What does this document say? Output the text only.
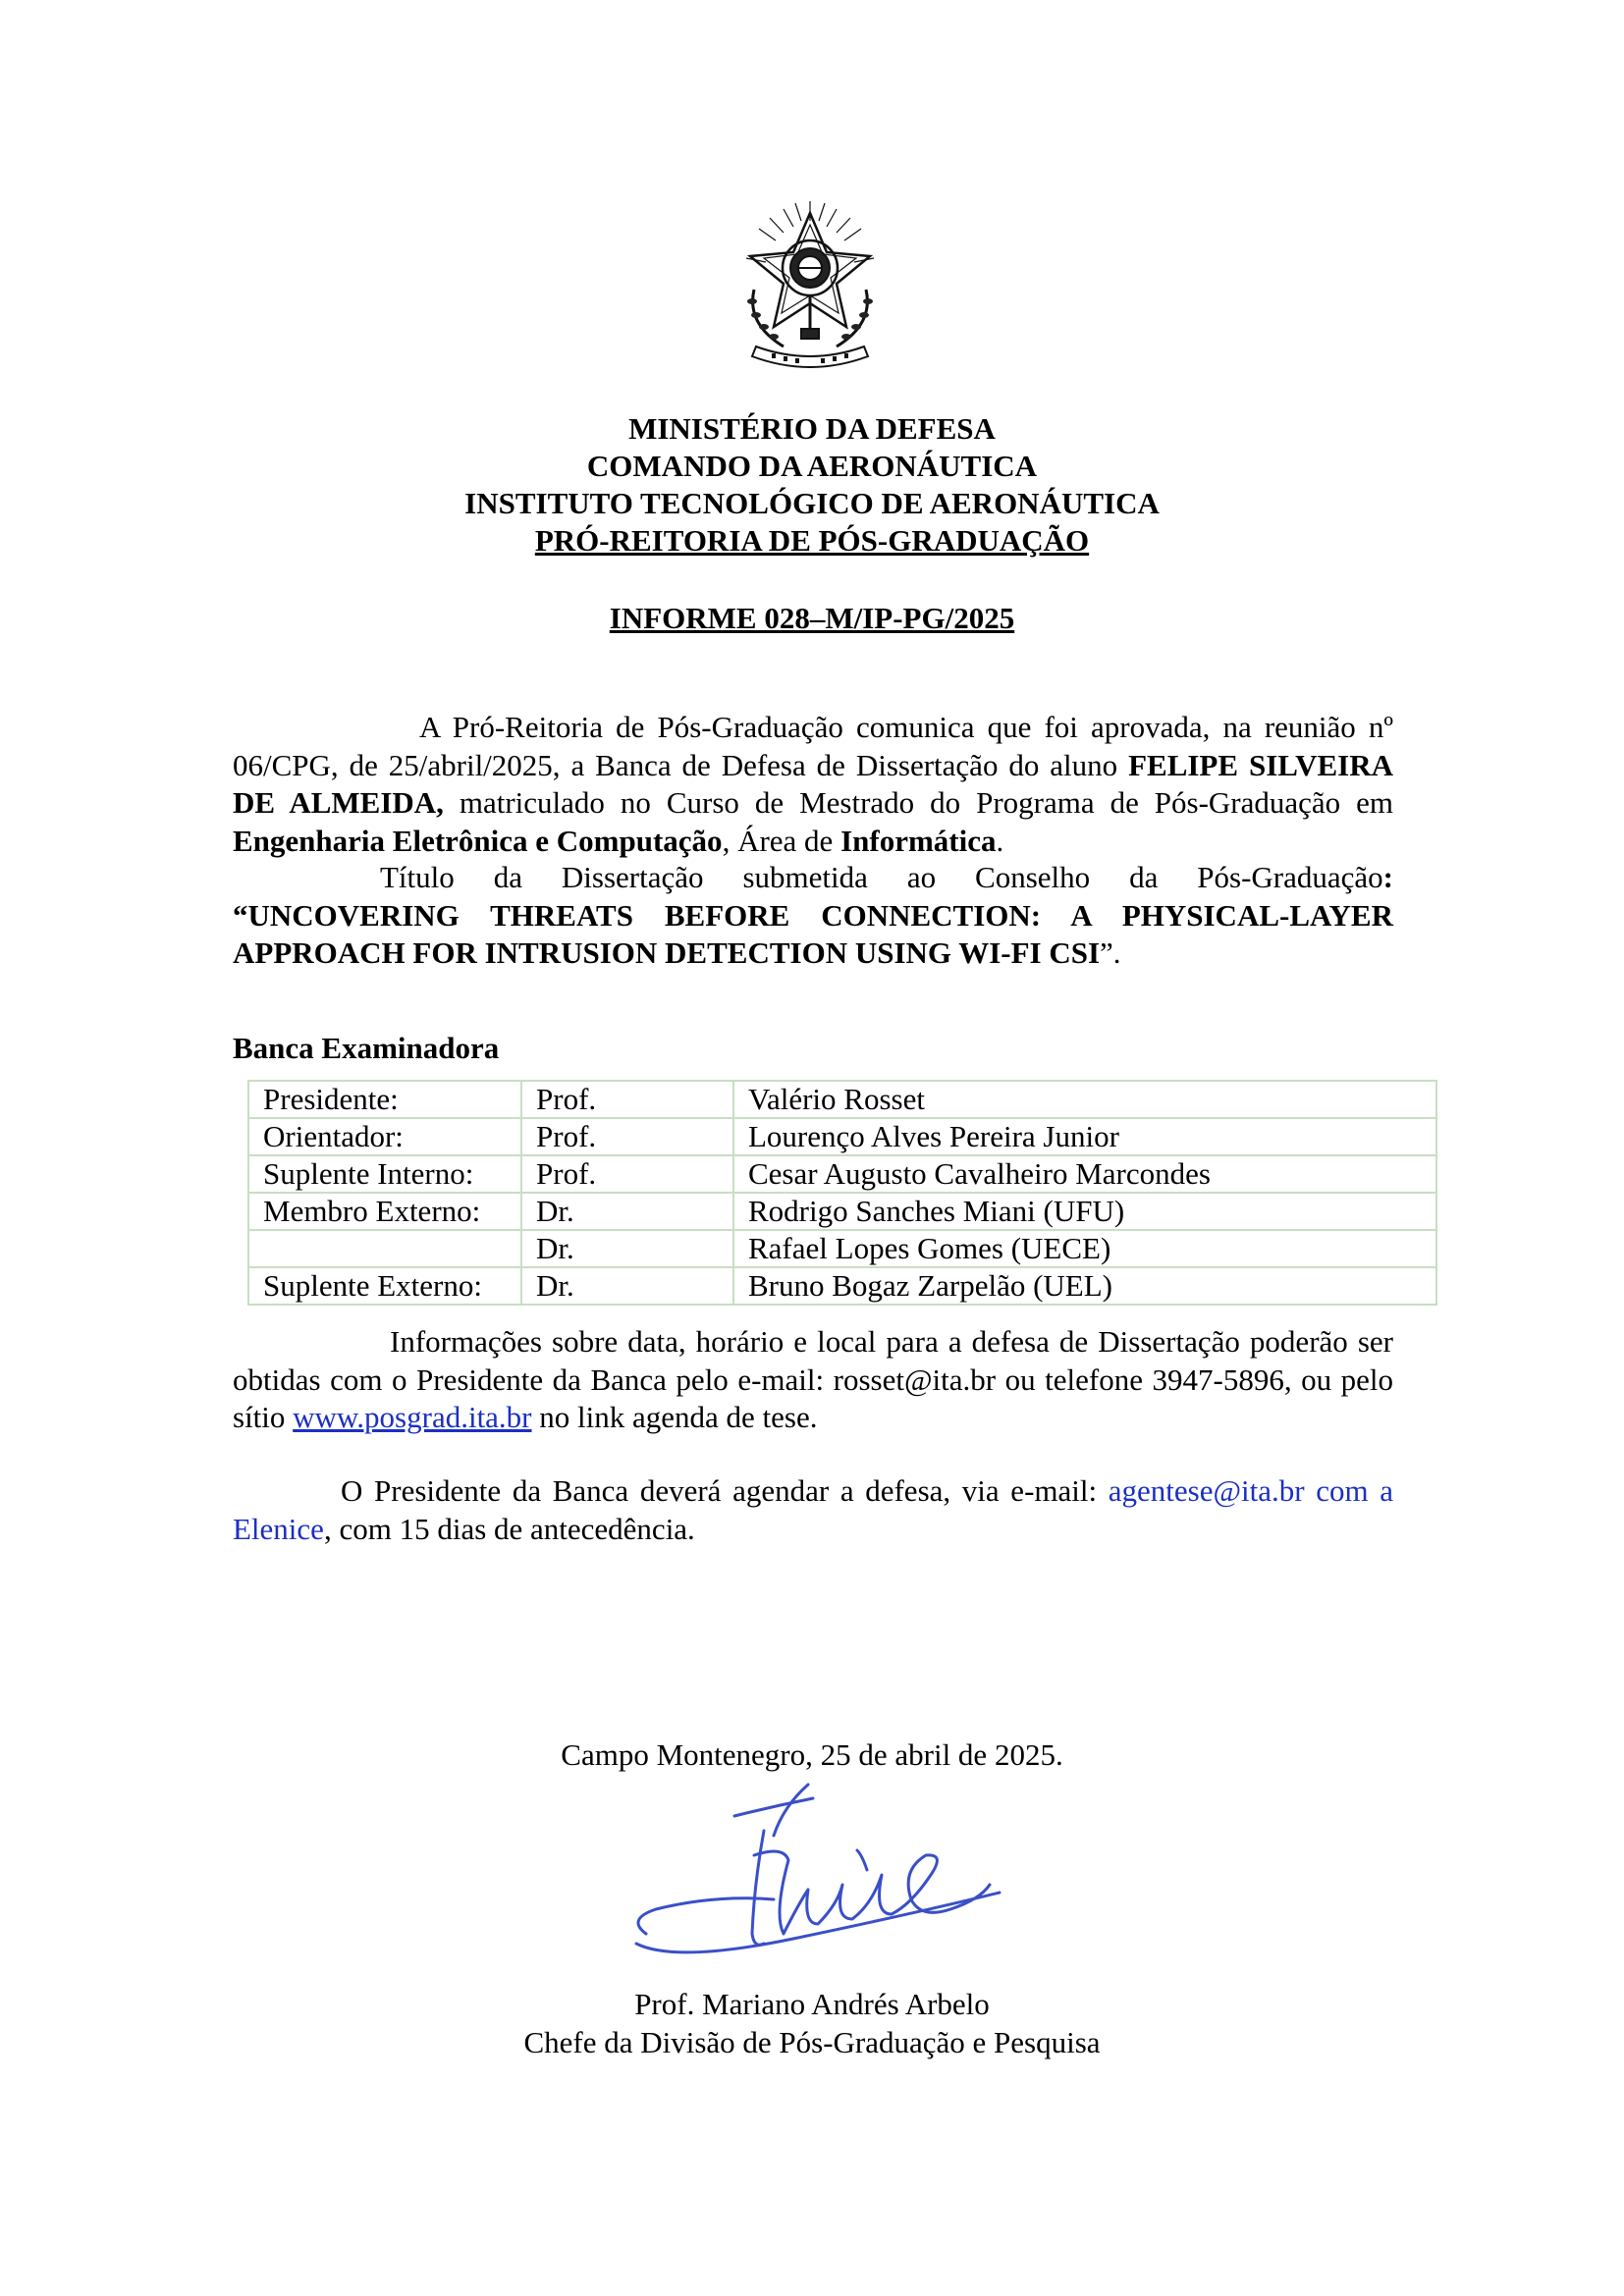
MINISTÉRIO DA DEFESA
COMANDO DA AERONÁUTICA
INSTITUTO TECNOLÓGICO DE AERONÁUTICA
PRÓ-REITORIA DE PÓS-GRADUAÇÃO
INFORME 028–M/IP-PG/2025
A Pró-Reitoria de Pós-Graduação comunica que foi aprovada, na reunião nº 06/CPG, de 25/abril/2025, a Banca de Defesa de Dissertação do aluno FELIPE SILVEIRA DE ALMEIDA, matriculado no Curso de Mestrado do Programa de Pós-Graduação em Engenharia Eletrônica e Computação, Área de Informática.
Título da Dissertação submetida ao Conselho da Pós-Graduação: “UNCOVERING THREATS BEFORE CONNECTION: A PHYSICAL-LAYER APPROACH FOR INTRUSION DETECTION USING WI-FI CSI”.
Banca Examinadora
Presidente:	Prof.	Valério Rosset
Orientador:	Prof.	Lourenço Alves Pereira Junior
Suplente Interno:	Prof.	Cesar Augusto Cavalheiro Marcondes
Membro Externo:	Dr.	Rodrigo Sanches Miani (UFU)
	Dr.	Rafael Lopes Gomes (UECE)
Suplente Externo:	Dr.	Bruno Bogaz Zarpelão (UEL)
Informações sobre data, horário e local para a defesa de Dissertação poderão ser obtidas com o Presidente da Banca pelo e-mail: rosset@ita.br ou telefone 3947-5896, ou pelo sítio www.posgrad.ita.br no link agenda de tese.
O Presidente da Banca deverá agendar a defesa, via e-mail: agentese@ita.br com a Elenice, com 15 dias de antecedência.
Campo Montenegro, 25 de abril de 2025.
Prof. Mariano Andrés Arbelo
Chefe da Divisão de Pós-Graduação e Pesquisa
